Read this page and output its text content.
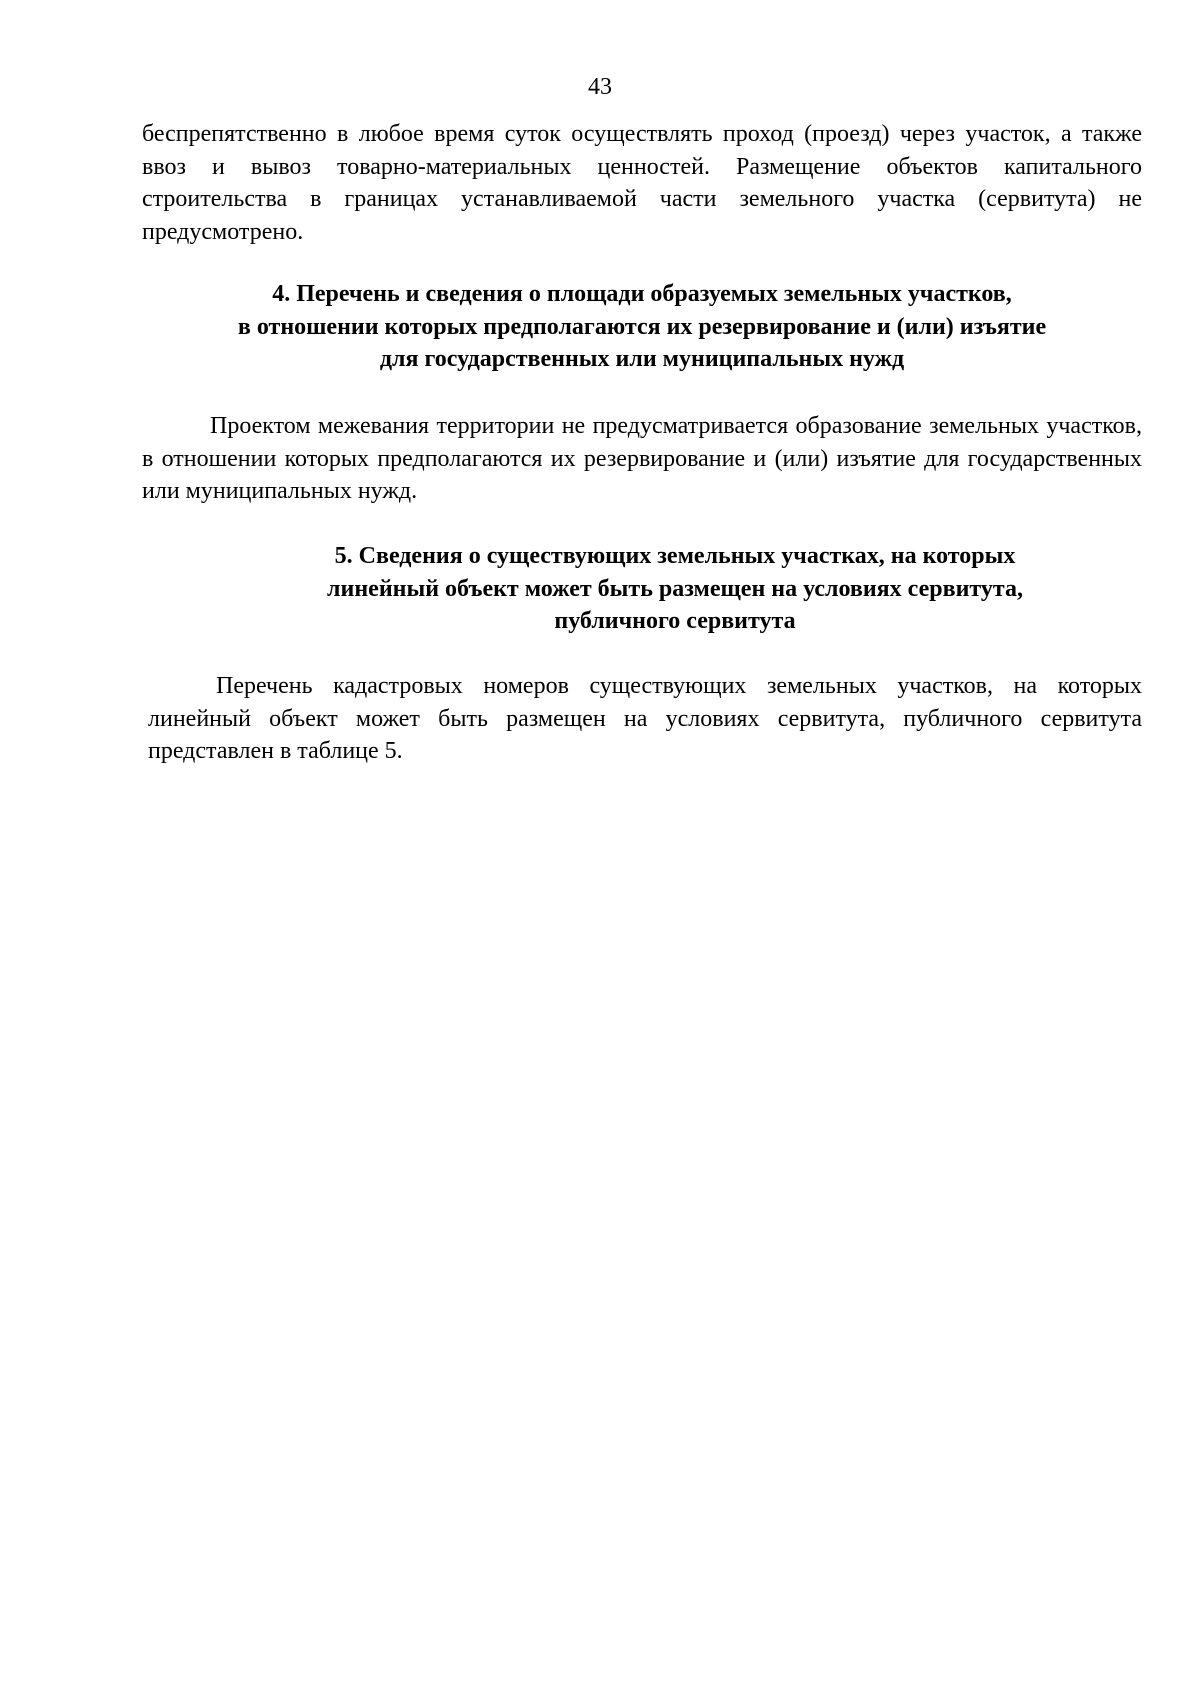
43

беспрепятственно в любое время суток осуществлять проход (проезд) через участок, а также ввоз и вывоз товарно-материальных ценностей. Размещение объектов капитального строительства в границах устанавливаемой части земельного участка (сервитута) не предусмотрено.

4. Перечень и сведения о площади образуемых земельных участков,
в отношении которых предполагаются их резервирование и (или) изъятие
для государственных или муниципальных нужд

Проектом межевания территории не предусматривается образование земельных участков, в отношении которых предполагаются их резервирование и (или) изъятие для государственных или муниципальных нужд.

5. Сведения о существующих земельных участках, на которых
линейный объект может быть размещен на условиях сервитута,
публичного сервитута

Перечень кадастровых номеров существующих земельных участков, на которых линейный объект может быть размещен на условиях сервитута, публичного сервитута представлен в таблице 5.
